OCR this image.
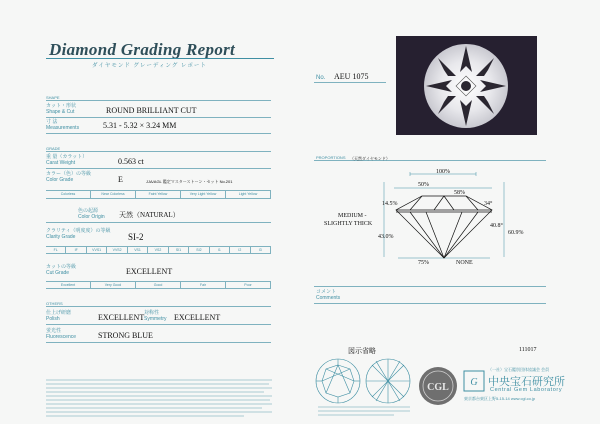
Diamond Grading Report
ダイヤモンド グレーディング レポート
SHAPE
カット・形状
Shape & Cut	ROUND BRILLIANT CUT
寸 法
Measurements	5.31 - 5.32 × 3.24 MM
GRADE
重 量（カラット）
Carat Weight	0.563 ct
カラー（色）の等級
Color Grade	E	JJA/AGL 鑑定マスターストーン・セット No.201
Colorless	Near Colorless	Faint Yellow	Very Light Yellow	Light Yellow
色の起源
Color Origin 天然（NATURAL）
クラリティ（明度度）の等級
Clarity Grade	SI-2
FL	IF	VVS1	VVS2	VS1	VS2	SI1	SI2	I1	I2	I3
カットの等級
Cut Grade	EXCELLENT
Excellent	Very Good	Good	Fair	Poor
OTHERS
仕上げ研磨
Polish	EXCELLENT 対称性
Symmetry EXCELLENT
蛍光性
Fluorescence	STRONG BLUE
No. AEU 1075
PROPORTIONS （天然ダイヤモンド）
100%
50%
58%
14.5%	34°
MEDIUM -
SLIGHTLY THICK	40.8°
43.0%
60.9%
75%	NONE
コメント
Comments
図示省略	111017
CGL G
（一社）宝石鑑別団体協議会 会員
中央宝石研究所
Central Gem Laboratory
東京都台東区上野5-15-14 www.cgl.co.jp
